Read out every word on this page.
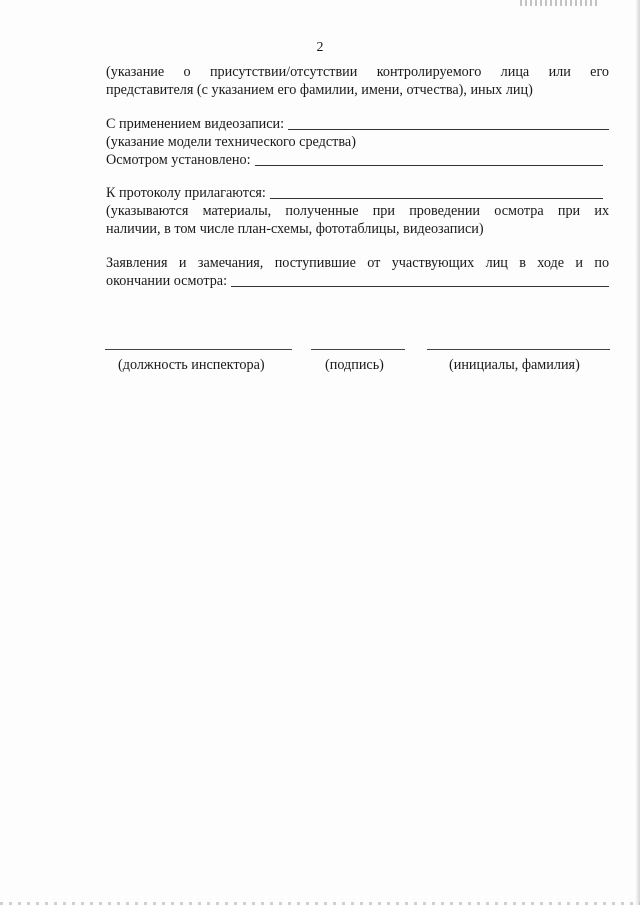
2
(указание о присутствии/отсутствии контролируемого лица или его
представителя (с указанием его фамилии, имени, отчества), иных лиц)
С применением видеозаписи:
(указание модели технического средства)
Осмотром установлено:
К протоколу прилагаются:
(указываются материалы, полученные при проведении осмотра при их
наличии, в том числе план-схемы, фототаблицы, видеозаписи)
Заявления и замечания, поступившие от участвующих лиц в ходе и по
окончании осмотра:
(должность инспектора)	(подпись)	(инициалы, фамилия)
